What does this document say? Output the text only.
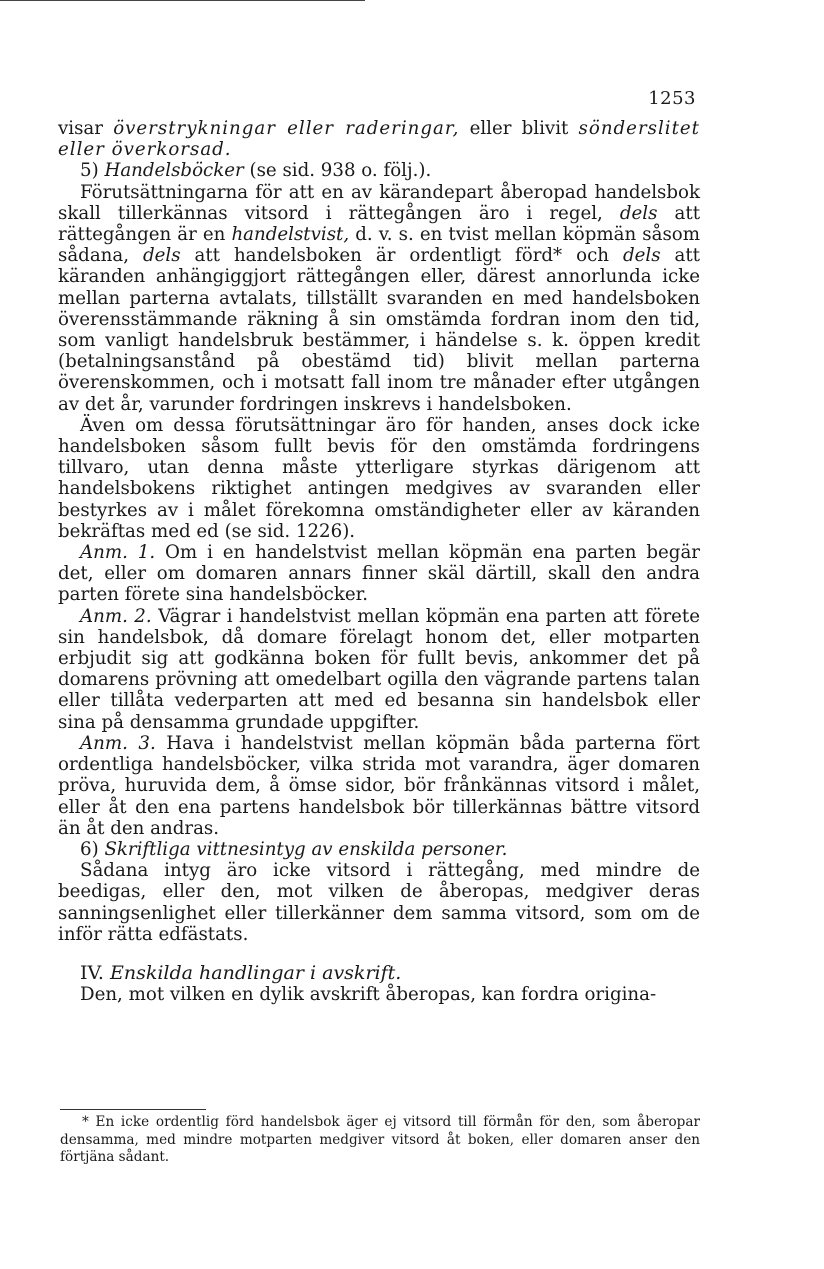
1253

visar överstrykningar eller raderingar, eller blivit sönderslitet eller överkorsad.

5) Handelsböcker (se sid. 938 o. följ.).

Förutsättningarna för att en av kärandepart åberopad handelsbok skall tillerkännas vitsord i rättegången äro i regel, dels att rättegången är en handelstvist, d. v. s. en tvist mellan köpmän såsom sådana, dels att handelsboken är ordentligt förd* och dels att käranden anhängiggjort rättegången eller, därest annorlunda icke mellan parterna avtalats, tillställt svaranden en med handelsboken överensstämmande räkning å sin omstämda fordran inom den tid, som vanligt handelsbruk bestämmer, i händelse s. k. öppen kredit (betalningsanstånd på obestämd tid) blivit mellan parterna överenskommen, och i motsatt fall inom tre månader efter utgången av det år, varunder fordringen inskrevs i handelsboken.

Även om dessa förutsättningar äro för handen, anses dock icke handelsboken såsom fullt bevis för den omstämda fordringens tillvaro, utan denna måste ytterligare styrkas därigenom att handelsbokens riktighet antingen medgives av svaranden eller bestyrkes av i målet förekomna omständigheter eller av käranden bekräftas med ed (se sid. 1226).

Anm. 1. Om i en handelstvist mellan köpmän ena parten begär det, eller om domaren annars finner skäl därtill, skall den andra parten förete sina handelsböcker.

Anm. 2. Vägrar i handelstvist mellan köpmän ena parten att förete sin handelsbok, då domare förelagt honom det, eller motparten erbjudit sig att godkänna boken för fullt bevis, ankommer det på domarens prövning att omedelbart ogilla den vägrande partens talan eller tillåta vederparten att med ed besanna sin handelsbok eller sina på densamma grundade uppgifter.

Anm. 3. Hava i handelstvist mellan köpmän båda parterna fört ordentliga handelsböcker, vilka strida mot varandra, äger domaren pröva, huruvida dem, å ömse sidor, bör frånkännas vitsord i målet, eller åt den ena partens handelsbok bör tillerkännas bättre vitsord än åt den andras.

6) Skriftliga vittnesintyg av enskilda personer.

Sådana intyg äro icke vitsord i rättegång, med mindre de beedigas, eller den, mot vilken de åberopas, medgiver deras sanningsenlighet eller tillerkänner dem samma vitsord, som om de inför rätta edfästats.

IV. Enskilda handlingar i avskrift.

Den, mot vilken en dylik avskrift åberopas, kan fordra origina-

* En icke ordentlig förd handelsbok äger ej vitsord till förmån för den, som åberopar densamma, med mindre motparten medgiver vitsord åt boken, eller domaren anser den förtjäna sådant.
